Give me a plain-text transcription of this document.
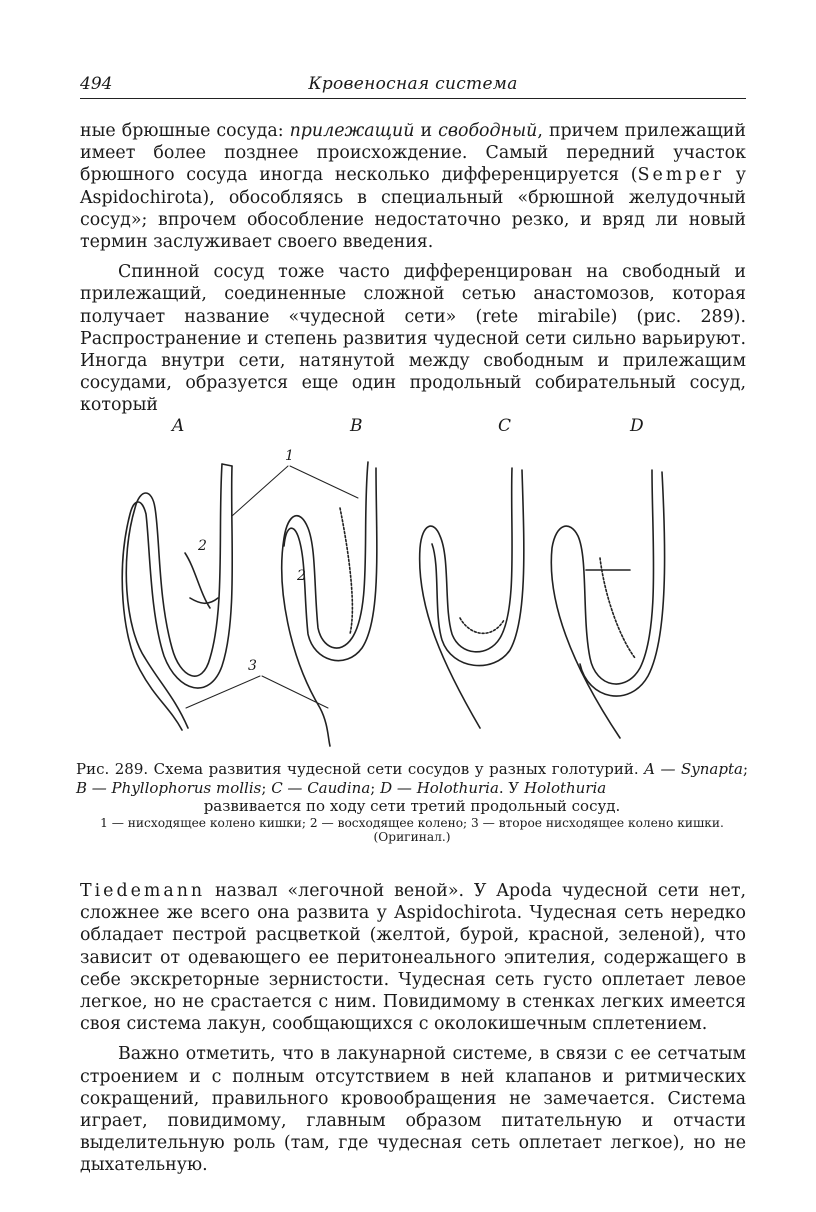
494	Кровеносная система

ные брюшные сосуда: прилежащий и свободный, причем прилежащий имеет более позднее происхождение. Самый передний участок брюшного сосуда иногда несколько дифференцируется (Semper у Aspidochirota), обособляясь в специальный «брюшной желудочный сосуд»; впрочем обособление недостаточно резко, и вряд ли новый термин заслуживает своего введения.

Спинной сосуд тоже часто дифференцирован на свободный и прилежащий, соединенные сложной сетью анастомозов, которая получает название «чудесной сети» (rete mirabile) (рис. 289). Распространение и степень развития чудесной сети сильно варьируют. Иногда внутри сети, натянутой между свободным и прилежащим сосудами, образуется еще один продольный собирательный сосуд, который

A	B	C	D
1
2
2
3
Рис. 289. Схема развития чудесной сети сосудов у разных голотурий. A — Synapta; B — Phyllophorus mollis; C — Caudina; D — Holothuria. У Holothuria
развивается по ходу сети третий продольный сосуд.
1 — нисходящее колено кишки; 2 — восходящее колено; 3 — второе нисходящее колено кишки. (Оригинал.)

Tiedemann назвал «легочной веной». У Apoda чудесной сети нет, сложнее же всего она развита у Aspidochirota. Чудесная сеть нередко обладает пестрой расцветкой (желтой, бурой, красной, зеленой), что зависит от одевающего ее перитонеального эпителия, содержащего в себе экскреторные зернистости. Чудесная сеть густо оплетает левое легкое, но не срастается с ним. Повидимому в стенках легких имеется своя система лакун, сообщающихся с околокишечным сплетением.

Важно отметить, что в лакунарной системе, в связи с ее сетчатым строением и с полным отсутствием в ней клапанов и ритмических сокращений, правильного кровообращения не замечается. Система играет, повидимому, главным образом питательную и отчасти выделительную роль (там, где чудесная сеть оплетает легкое), но не дыхательную.
